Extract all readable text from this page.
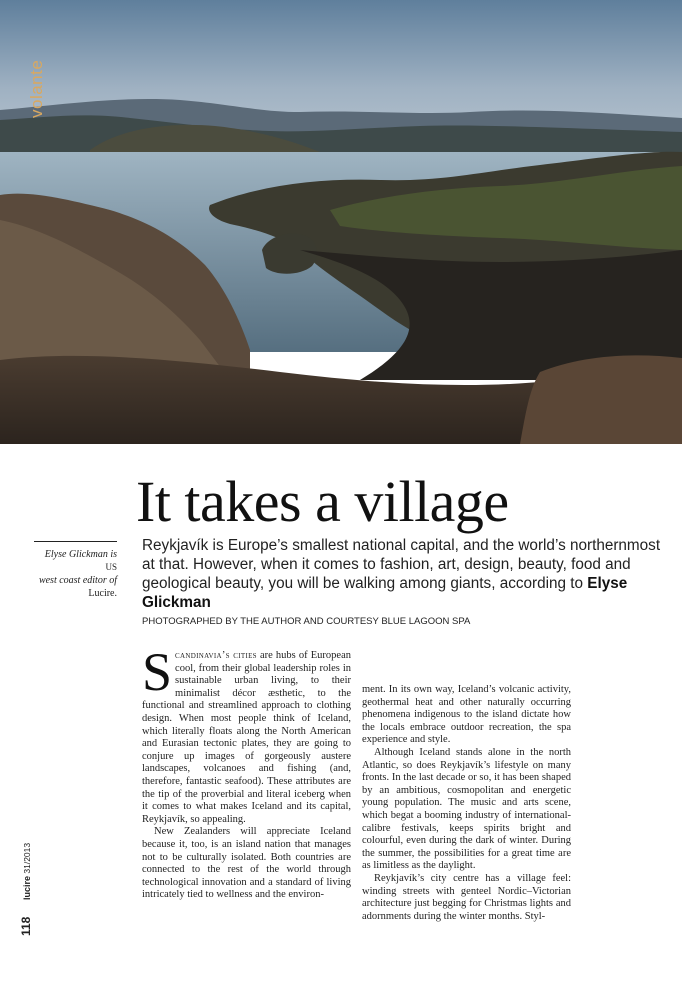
volante
It takes a village
Elyse Glickman is US
west coast editor of
Lucire.

Reykjavík is Europe’s smallest national capital, and the world’s northernmost at that. However, when it comes to fashion, art, design, beauty, food and geological beauty, you will be walking among giants, according to Elyse Glickman

PHOTOGRAPHED BY THE AUTHOR AND COURTESY BLUE LAGOON SPA

Scandinavia’s cities are hubs of European cool, from their global leadership roles in sustainable urban living, to their minimalist décor æsthetic, to the functional and streamlined approach to clothing design. When most people think of Iceland, which literally floats along the North American and Eurasian tectonic plates, they are going to conjure up images of gorgeously austere landscapes, volcanoes and fishing (and, therefore, fantastic seafood). These attributes are the tip of the proverbial and literal iceberg when it comes to what makes Iceland and its capital, Reykjavík, so appealing.

New Zealanders will appreciate Iceland because it, too, is an island nation that manages not to be culturally isolated. Both countries are connected to the rest of the world through technological innovation and a standard of living intricately tied to wellness and the environ-

ment. In its own way, Iceland’s volcanic activity, geothermal heat and other naturally occurring phenomena indigenous to the island dictate how the locals embrace outdoor recreation, the spa experience and style.

Although Iceland stands alone in the north Atlantic, so does Reykjavík’s lifestyle on many fronts. In the last decade or so, it has been shaped by an ambitious, cosmopolitan and energetic young population. The music and arts scene, which begat a booming industry of international-calibre festivals, keeps spirits bright and colourful, even during the dark of winter. During the summer, the possibilities for a great time are as limitless as the daylight.

Reykjavík’s city centre has a village feel: winding streets with genteel Nordic–Victorian architecture just begging for Christmas lights and adornments during the winter months. Styl-

lucire 31/2013
118
